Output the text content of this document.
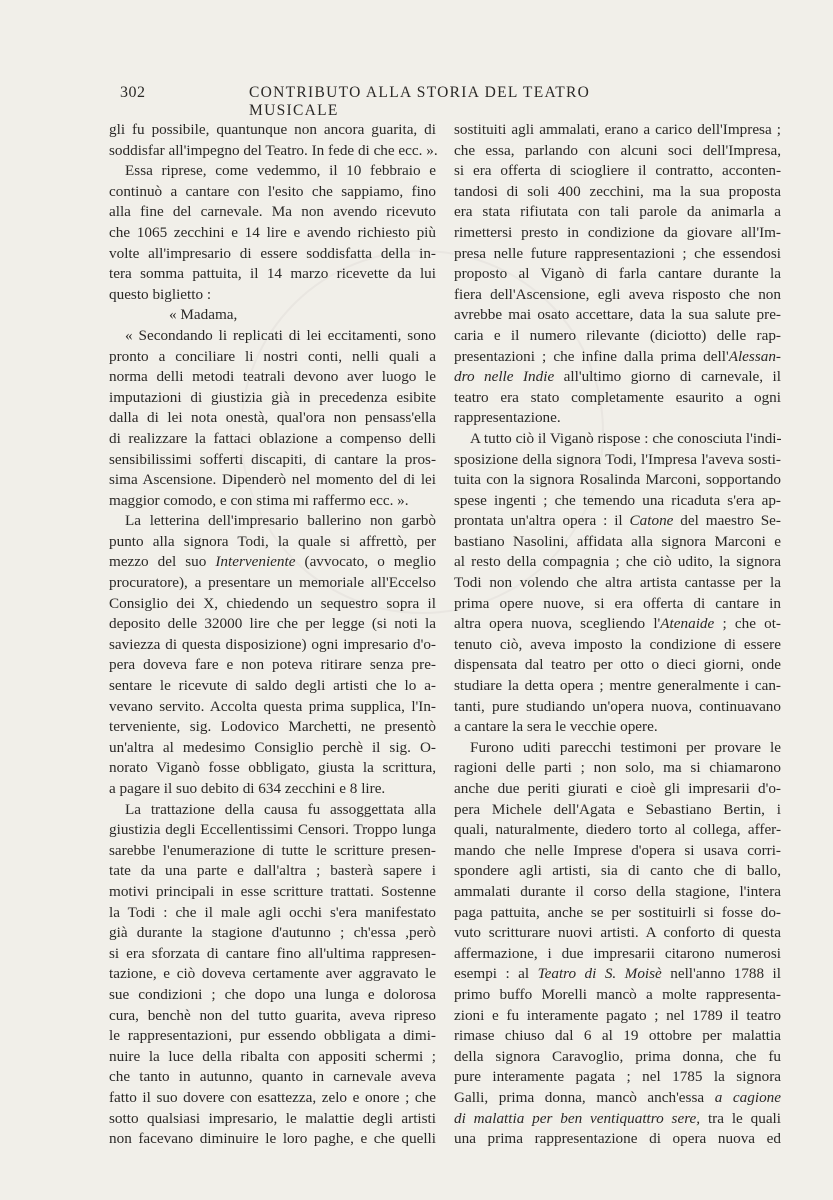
302	CONTRIBUTO ALLA STORIA DEL TEATRO MUSICALE
gli fu possibile, quantunque non ancora guarita, di
soddisfar all'impegno del Teatro. In fede di che ecc. ».
Essa riprese, come vedemmo, il 10 febbraio e
continuò a cantare con l'esito che sappiamo, fino
alla fine del carnevale. Ma non avendo ricevuto
che 1065 zecchini e 14 lire e avendo richiesto più
volte all'impresario di essere soddisfatta della in-
tera somma pattuita, il 14 marzo ricevette da lui
questo biglietto :
« Madama,
« Secondando li replicati di lei eccitamenti, sono
pronto a conciliare li nostri conti, nelli quali a
norma delli metodi teatrali devono aver luogo le
imputazioni di giustizia già in precedenza esibite
dalla di lei nota onestà, qual'ora non pensass'ella
di realizzare la fattaci oblazione a compenso delli
sensibilissimi sofferti discapiti, di cantare la pros-
sima Ascensione. Dipenderò nel momento del di lei
maggior comodo, e con stima mi raffermo ecc. ».
La letterina dell'impresario ballerino non garbò
punto alla signora Todi, la quale si affrettò, per
mezzo del suo Interveniente (avvocato, o meglio
procuratore), a presentare un memoriale all'Eccelso
Consiglio dei X, chiedendo un sequestro sopra il
deposito delle 32000 lire che per legge (si noti la
saviezza di questa disposizione) ogni impresario d'o-
pera doveva fare e non poteva ritirare senza pre-
sentare le ricevute di saldo degli artisti che lo a-
vevano servito. Accolta questa prima supplica, l'In-
terveniente, sig. Lodovico Marchetti, ne presentò
un'altra al medesimo Consiglio perchè il sig. O-
norato Viganò fosse obbligato, giusta la scrittura,
a pagare il suo debito di 634 zecchini e 8 lire.
La trattazione della causa fu assoggettata alla
giustizia degli Eccellentissimi Censori. Troppo lunga
sarebbe l'enumerazione di tutte le scritture presen-
tate da una parte e dall'altra ; basterà sapere i
motivi principali in esse scritture trattati. Sostenne
la Todi : che il male agli occhi s'era manifestato
già durante la stagione d'autunno ; ch'essa ,però
si era sforzata di cantare fino all'ultima rappresen-
tazione, e ciò doveva certamente aver aggravato le
sue condizioni ; che dopo una lunga e dolorosa
cura, benchè non del tutto guarita, aveva ripreso
le rappresentazioni, pur essendo obbligata a dimi-
nuire la luce della ribalta con appositi schermi ;
che tanto in autunno, quanto in carnevale aveva
fatto il suo dovere con esattezza, zelo e onore ; che
sotto qualsiasi impresario, le malattie degli artisti
non facevano diminuire le loro paghe, e che quelli
sostituiti agli ammalati, erano a carico dell'Impresa ;
che essa, parlando con alcuni soci dell'Impresa,
si era offerta di sciogliere il contratto, acconten-
tandosi di soli 400 zecchini, ma la sua proposta
era stata rifiutata con tali parole da animarla a
rimettersi presto in condizione da giovare all'Im-
presa nelle future rappresentazioni ; che essendosi
proposto al Viganò di farla cantare durante la
fiera dell'Ascensione, egli aveva risposto che non
avrebbe mai osato accettare, data la sua salute pre-
caria e il numero rilevante (diciotto) delle rap-
presentazioni ; che infine dalla prima dell'Alessan-
dro nelle Indie all'ultimo giorno di carnevale, il
teatro era stato completamente esaurito a ogni
rappresentazione.
A tutto ciò il Viganò rispose : che conosciuta l'indi-
sposizione della signora Todi, l'Impresa l'aveva sosti-
tuita con la signora Rosalinda Marconi, sopportando
spese ingenti ; che temendo una ricaduta s'era ap-
prontata un'altra opera : il Catone del maestro Se-
bastiano Nasolini, affidata alla signora Marconi e
al resto della compagnia ; che ciò udito, la signora
Todi non volendo che altra artista cantasse per la
prima opere nuove, si era offerta di cantare in
altra opera nuova, scegliendo l'Atenaide ; che ot-
tenuto ciò, aveva imposto la condizione di essere
dispensata dal teatro per otto o dieci giorni, onde
studiare la detta opera ; mentre generalmente i can-
tanti, pure studiando un'opera nuova, continuavano
a cantare la sera le vecchie opere.
Furono uditi parecchi testimoni per provare le
ragioni delle parti ; non solo, ma si chiamarono
anche due periti giurati e cioè gli impresarii d'o-
pera Michele dell'Agata e Sebastiano Bertin, i
quali, naturalmente, diedero torto al collega, affer-
mando che nelle Imprese d'opera si usava corri-
spondere agli artisti, sia di canto che di ballo,
ammalati durante il corso della stagione, l'intera
paga pattuita, anche se per sostituirli si fosse do-
vuto scritturare nuovi artisti. A conforto di questa
affermazione, i due impresarii citarono numerosi
esempi : al Teatro di S. Moisè nell'anno 1788 il
primo buffo Morelli mancò a molte rappresenta-
zioni e fu interamente pagato ; nel 1789 il teatro
rimase chiuso dal 6 al 19 ottobre per malattia
della signora Caravoglio, prima donna, che fu
pure interamente pagata ; nel 1785 la signora
Galli, prima donna, mancò anch'essa a cagione
di malattia per ben ventiquattro sere, tra le quali
una prima rappresentazione di opera nuova ed
